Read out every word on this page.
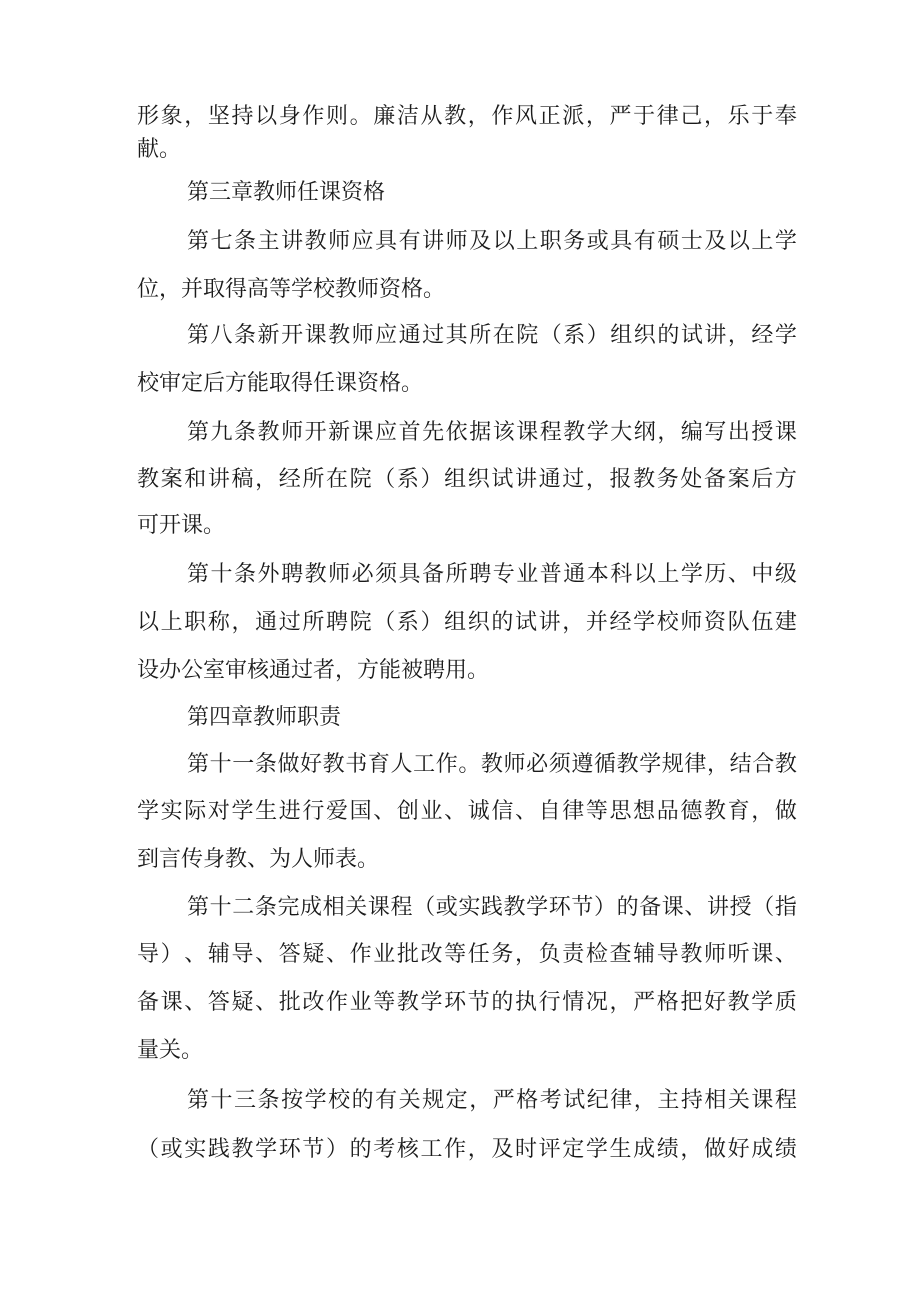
形 象 ， 坚 持 以 身 作 则 。 廉 洁 从 教 ， 作 风 正 派 ， 严 于 律 己 ， 乐 于 奉
献。
第三章教师任课资格
第 七 条 主 讲 教 师 应 具 有 讲 师 及 以 上 职 务 或 具 有 硕 士 及 以 上 学
位，并取得高等学校教师资格。
第 八 条 新 开 课 教 师 应 通 过 其 所 在 院 （ 系 ） 组 织 的 试 讲 ， 经 学
校审定后方能取得任课资格。
第 九 条 教 师 开 新 课 应 首 先 依 据 该 课 程 教 学 大 纲 ， 编 写 出 授 课
教 案 和 讲 稿 ， 经 所 在 院 （ 系 ） 组 织 试 讲 通 过 ， 报 教 务 处 备 案 后 方
可开课。
第 十 条 外 聘 教 师 必 须 具 备 所 聘 专 业 普 通 本 科 以 上 学 历 、 中 级
以 上 职 称 ， 通 过 所 聘 院 （ 系 ） 组 织 的 试 讲 ， 并 经 学 校 师 资 队 伍 建
设办公室审核通过者，方能被聘用。
第四章教师职责
第 十 一 条 做 好 教 书 育 人 工 作 。 教 师 必 须 遵 循 教 学 规 律 ， 结 合 教
学 实 际 对 学 生 进 行 爱 国 、 创 业 、 诚 信 、 自 律 等 思 想 品 德 教 育 ， 做
到言传身教、为人师表。
第 十 二 条 完 成 相 关 课 程 （ 或 实 践 教 学 环 节 ） 的 备 课 、 讲 授 （ 指
导 ） 、 辅 导 、 答 疑 、 作 业 批 改 等 任 务 ， 负 责 检 查 辅 导 教 师 听 课 、
备 课 、 答 疑 、 批 改 作 业 等 教 学 环 节 的 执 行 情 况 ， 严 格 把 好 教 学 质
量关。
第 十 三 条 按 学 校 的 有 关 规 定 ， 严 格 考 试 纪 律 ， 主 持 相 关 课 程
（ 或 实 践 教 学 环 节 ） 的 考 核 工 作 ， 及 时 评 定 学 生 成 绩 ， 做 好 成 绩
